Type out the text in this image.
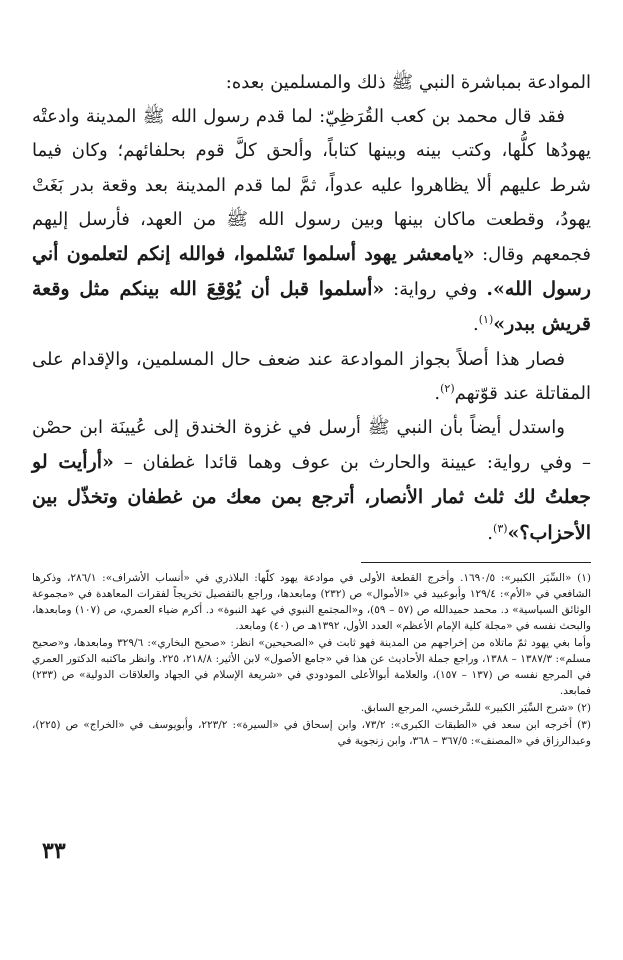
الموادعة بمباشرة النبي ﷺ ذلك والمسلمين بعده:

فقد قال محمد بن كعب القُرَظِيّ: لما قدم رسول الله ﷺ المدينة وادعتْه يهودُها كلُّها، وكتب بينه وبينها كتاباً، وألحق كلَّ قوم بحلفائهم؛ وكان فيما شرط عليهم ألا يظاهروا عليه عدواً، ثمَّ لما قدم المدينة بعد وقعة بدر بَغَتْ يهودُ، وقطعت ماكان بينها وبين رسول الله ﷺ من العهد، فأرسل إليهم فجمعهم وقال: «يامعشر يهود أسلموا تَسْلموا، فوالله إنكم لتعلمون أني رسول الله». وفي رواية: «أسلموا قبل أن يُوْقِعَ الله بينكم مثل وقعة قريش ببدر»$^{(١)}$.

فصار هذا أصلاً بجواز الموادعة عند ضعف حال المسلمين، والإقدام على المقاتلة عند قوّتهم$^{(٢)}$.

واستدل أيضاً بأن النبي ﷺ أرسل في غزوة الخندق إلى عُيينَة ابن حصْن – وفي رواية: عيينة والحارث بن عوف وهما قائدا غطفان – «أرأيت لو جعلتُ لك ثلث ثمار الأنصار، أترجع بمن معك من غطفان وتخذّل بين الأحزاب؟»$^{(٣)}$.

(١) «السِّيَر الكبير»: ١٦٩٠/٥. وأخرج القطعة الأولى في موادعة يهود كلّها: البلاذري في «أنساب الأشراف»: ٢٨٦/١، وذكرها الشافعي في «الأم»: ١٢٩/٤ وأبوعبيد في «الأموال» ص (٢٣٢) ومابعدها، وراجع بالتفصيل تخريجاً لفقرات المعاهدة في «مجموعة الوثائق السياسية» د. محمد حميدالله ص (٥٧ – ٥٩)، و«المجتمع النبوي في عهد النبوة» د. أكرم ضياء العمري، ص (١٠٧) ومابعدها، والبحث نفسه في «مجلة كلية الإمام الأعظم» العدد الأول، ١٣٩٢هـ ص (٤٠) ومابعد.

وأما بغي يهود ثمّ ماتلاه من إخراجهم من المدينة فهو ثابت في «الصحيحين» انظر: «صحيح البخاري»: ٣٢٩/٦ ومابعدها، و«صحيح مسلم»: ١٣٨٧/٣ – ١٣٨٨، وراجع جملة الأحاديث عن هذا في «جامع الأصول» لابن الأثير: ٢١٨/٨، ٢٢٥. وانظر ماكتبه الدكتور العمري في المرجع نفسه ص (١٣٧ – ١٥٧)، والعلامة أبوالأعلى المودودي في «شريعة الإسلام في الجهاد والعلاقات الدولية» ص (٢٣٣) فمابعد.

(٢) «شرح السِّيَر الكبير» للسَّرخسي، المرجع السابق.

(٣) أخرجه ابن سعد في «الطبقات الكبرى»: ٧٣/٢، وابن إسحاق في «السيرة»: ٢٢٣/٢، وأبويوسف في «الخراج» ص (٢٢٥)، وعبدالرزاق في «المصنف»: ٣٦٧/٥ – ٣٦٨، وابن زنجوية في

٣٣
